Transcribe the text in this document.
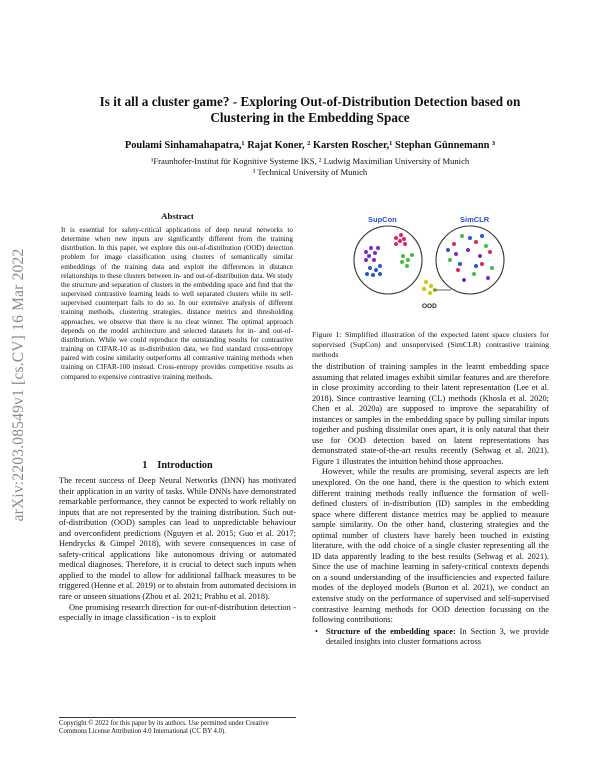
arXiv:2203.08549v1 [cs.CV] 16 Mar 2022
Is it all a cluster game? - Exploring Out-of-Distribution Detection based on
Clustering in the Embedding Space
Poulami Sinhamahapatra,¹ Rajat Koner, ² Karsten Roscher,¹ Stephan Günnemann ³
¹Fraunhofer-Institut für Kognitive Systeme IKS, ² Ludwig Maximilian University of Munich
³ Technical University of Munich
Abstract

It is essential for safety-critical applications of deep neural networks to determine when new inputs are significantly different from the training distribution. In this paper, we explore this out-of-distribution (OOD) detection problem for image classification using clusters of semantically similar embeddings of the training data and exploit the differences in distance relationships to these clusters between in- and out-of-distribution data. We study the structure and separation of clusters in the embedding space and find that the supervised contrastive learning leads to well separated clusters while its self-supervised counterpart fails to do so. In our extensive analysis of different training methods, clustering strategies, distance metrics and thresholding approaches, we observe that there is no clear winner. The optimal approach depends on the model architecture and selected datasets for in- and out-of-distribution. While we could reproduce the outstanding results for contrastive training on CIFAR-10 as in-distribution data, we find standard cross-entropy paired with cosine similarity outperforms all contrastive training methods when training on CIFAR-100 instead. Cross-entropy provides competitive results as compared to expensive contrastive training methods.

1 Introduction

The recent success of Deep Neural Networks (DNN) has motivated their application in an varity of tasks. While DNNs have demonstrated remarkable performance, they cannot be expected to work reliably on inputs that are not represented by the training distribution. Such out-of-distribution (OOD) samples can lead to unpredictable behaviour and overconfident predictions (Nguyen et al. 2015; Guo et al. 2017; Hendrycks & Gimpel 2018), with severe consequences in case of safety-critical applications like autonomous driving or automated medical diagnoses. Therefore, it is crucial to detect such inputs when applied to the model to allow for additional fallback measures to be triggered (Henne et al. 2019) or to abstain from automated decisions in rare or unseen situations (Zhou et al. 2021; Prabhu et al. 2018).

One promising research direction for out-of-distribution detection - especially in image classification - is to exploit

Copyright © 2022 for this paper by its authors. Use permitted under Creative Commons License Attribution 4.0 International (CC BY 4.0).
SupCon	SimCLR
OOD
Figure 1: Simplified illustration of the expected latent space clusters for supervised (SupCon) and unsupervised (SimCLR) contrastive training methods

the distribution of training samples in the learnt embedding space assuming that related images exhibit similar features and are therefore in close proximity according to their latent representation (Lee et al. 2018). Since contrastive learning (CL) methods (Khosla et al. 2020; Chen et al. 2020a) are supposed to improve the separability of instances or samples in the embedding space by pulling similar inputs together and pushing dissimilar ones apart, it is only natural that their use for OOD detection based on latent representations has demonstrated state-of-the-art results recently (Sehwag et al. 2021). Figure 1 illustrates the intuition behind those approaches.

However, while the results are promising, several aspects are left unexplored. On the one hand, there is the question to which extent different training methods really influence the formation of well-defined clusters of in-distribution (ID) samples in the embedding space where different distance metrics may be applied to measure sample similarity. On the other hand, clustering strategies and the optimal number of clusters have barely been touched in existing literature, with the odd choice of a single cluster representing all the ID data apparently leading to the best results (Sehwag et al. 2021). Since the use of machine learning in safety-critical contexts depends on a sound understanding of the insufficiencies and expected failure modes of the deployed models (Burton et al. 2021), we conduct an extensive study on the performance of supervised and self-supervised contrastive learning methods for OOD detection focussing on the following contributions:

• Structure of the embedding space: In Section 3, we provide detailed insights into cluster formations across
